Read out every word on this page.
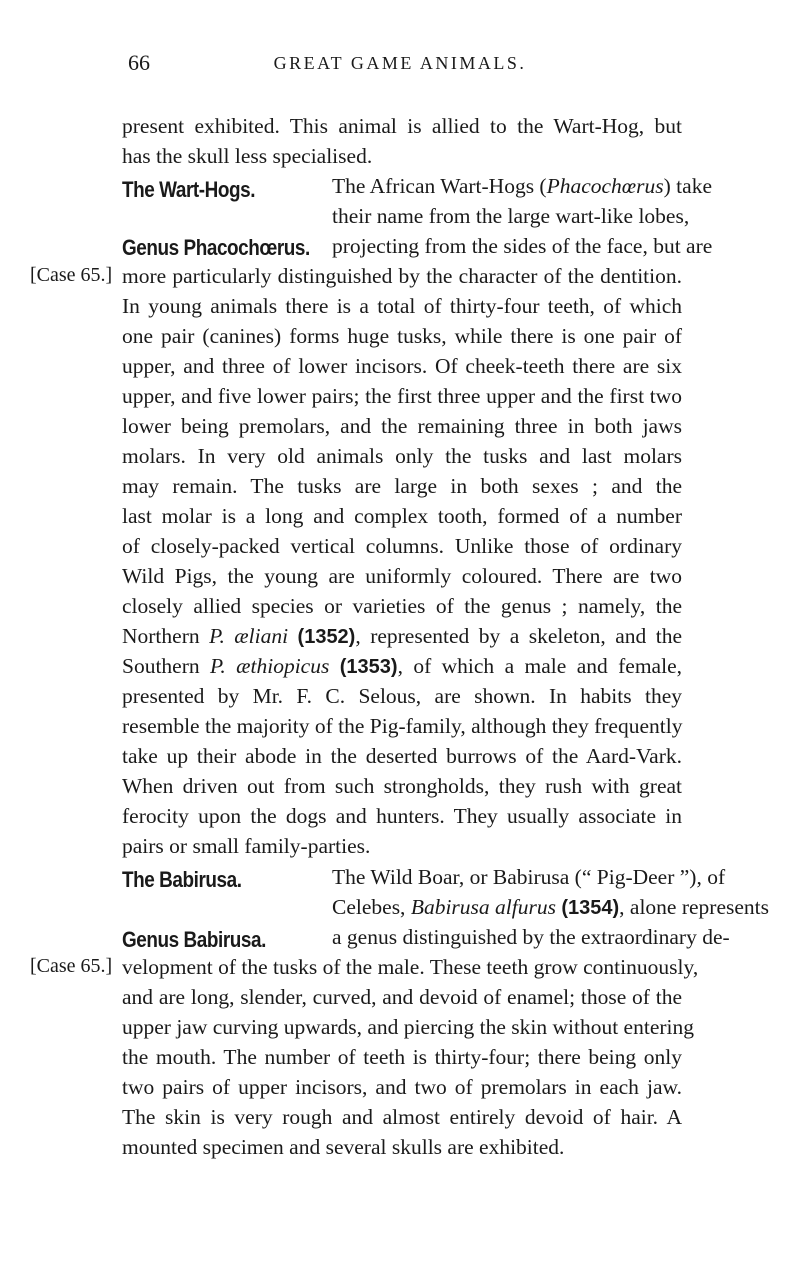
66	GREAT GAME ANIMALS.
present exhibited. This animal is allied to the Wart-Hog, but
has the skull less specialised.
The Wart-Hogs.
Genus Phacochœrus.
The African Wart-Hogs (Phacochœrus) take
their name from the large wart-like lobes,
projecting from the sides of the face, but are
[Case 65.] more particularly distinguished by the character of the dentition.
In young animals there is a total of thirty-four teeth, of which
one pair (canines) forms huge tusks, while there is one pair of
upper, and three of lower incisors. Of cheek-teeth there are six
upper, and five lower pairs; the first three upper and the first two
lower being premolars, and the remaining three in both jaws
molars. In very old animals only the tusks and last molars
may remain. The tusks are large in both sexes ; and the
last molar is a long and complex tooth, formed of a number
of closely-packed vertical columns. Unlike those of ordinary
Wild Pigs, the young are uniformly coloured. There are two
closely allied species or varieties of the genus ; namely, the
Northern P. æliani (1352), represented by a skeleton, and the
Southern P. æthiopicus (1353), of which a male and female,
presented by Mr. F. C. Selous, are shown. In habits they
resemble the majority of the Pig-family, although they frequently
take up their abode in the deserted burrows of the Aard-Vark.
When driven out from such strongholds, they rush with great
ferocity upon the dogs and hunters. They usually associate in
pairs or small family-parties.
The Babirusa.
Genus Babirusa.
The Wild Boar, or Babirusa (“ Pig-Deer ”), of
Celebes, Babirusa alfurus (1354), alone represents
a genus distinguished by the extraordinary de-
[Case 65.] velopment of the tusks of the male. These teeth grow continuously,
and are long, slender, curved, and devoid of enamel; those of the
upper jaw curving upwards, and piercing the skin without entering
the mouth. The number of teeth is thirty-four; there being only
two pairs of upper incisors, and two of premolars in each jaw.
The skin is very rough and almost entirely devoid of hair. A
mounted specimen and several skulls are exhibited.
